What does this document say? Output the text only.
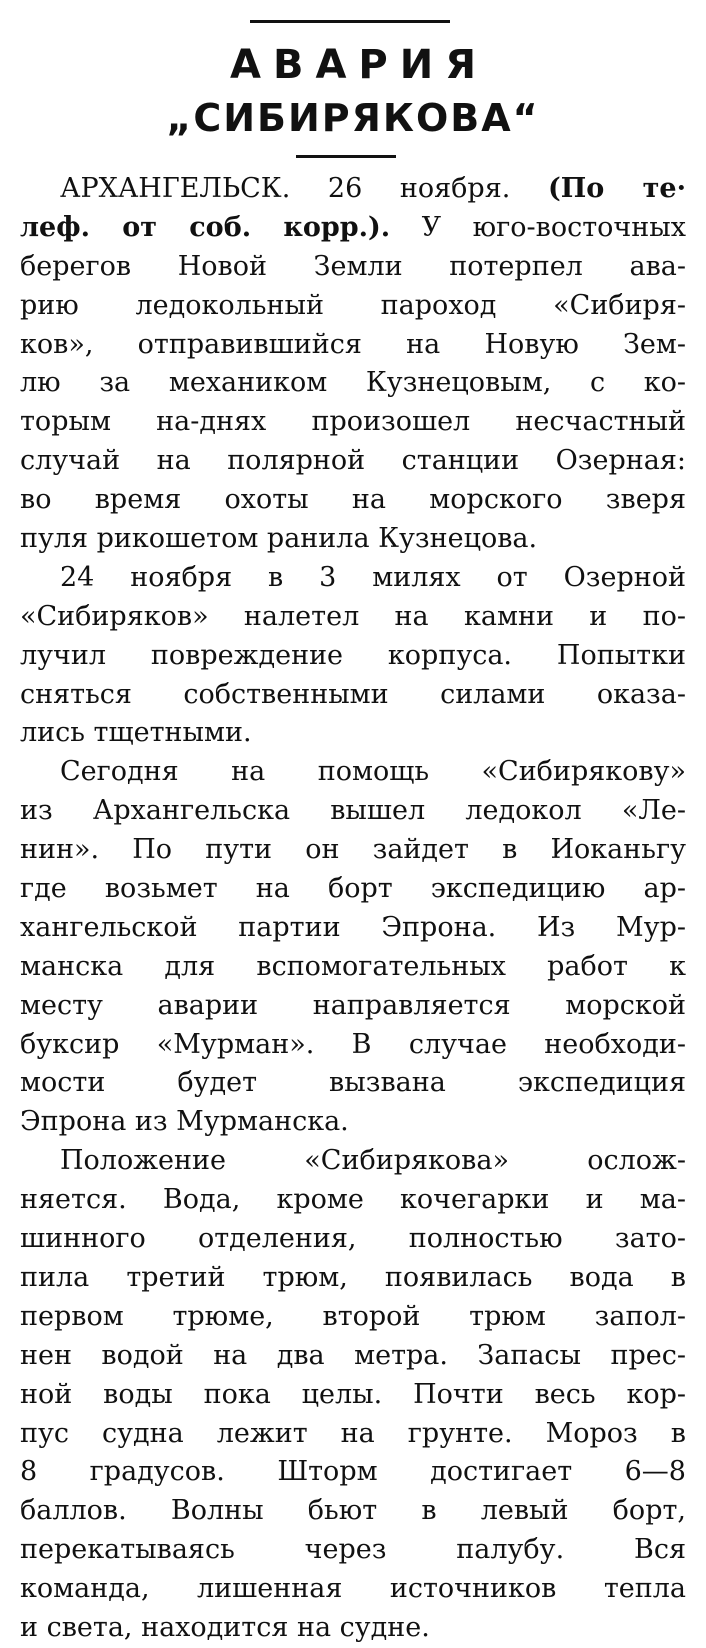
АВАРИЯ
„СИБИРЯКОВА“
АРХАНГЕЛЬСК. 26 ноября. (По те·
леф. от соб. корр.). У юго-восточных
берегов Новой Земли потерпел ава-
рию ледокольный пароход «Сибиря-
ков», отправившийся на Новую Зем-
лю за механиком Кузнецовым, с ко-
торым на-днях произошел несчастный
случай на полярной станции Озерная:
во время охоты на морского зверя
пуля рикошетом ранила Кузнецова.
24 ноября в 3 милях от Озерной
«Сибиряков» налетел на камни и по-
лучил повреждение корпуса. Попытки
сняться собственными силами оказа-
лись тщетными.
Сегодня на помощь «Сибирякову»
из Архангельска вышел ледокол «Ле-
нин». По пути он зайдет в Иоканьгу
где возьмет на борт экспедицию ар-
хангельской партии Эпрона. Из Мур-
манска для вспомогательных работ к
месту аварии направляется морской
буксир «Мурман». В случае необходи-
мости будет вызвана экспедиция
Эпрона из Мурманска.
Положение «Сибирякова» ослож-
няется. Вода, кроме кочегарки и ма-
шинного отделения, полностью зато-
пила третий трюм, появилась вода в
первом трюме, второй трюм запол-
нен водой на два метра. Запасы прес-
ной воды пока целы. Почти весь кор-
пус судна лежит на грунте. Мороз в
8 градусов. Шторм достигает 6—8
баллов. Волны бьют в левый борт,
перекатываясь через палубу. Вся
команда, лишенная источников тепла
и света, находится на судне.
